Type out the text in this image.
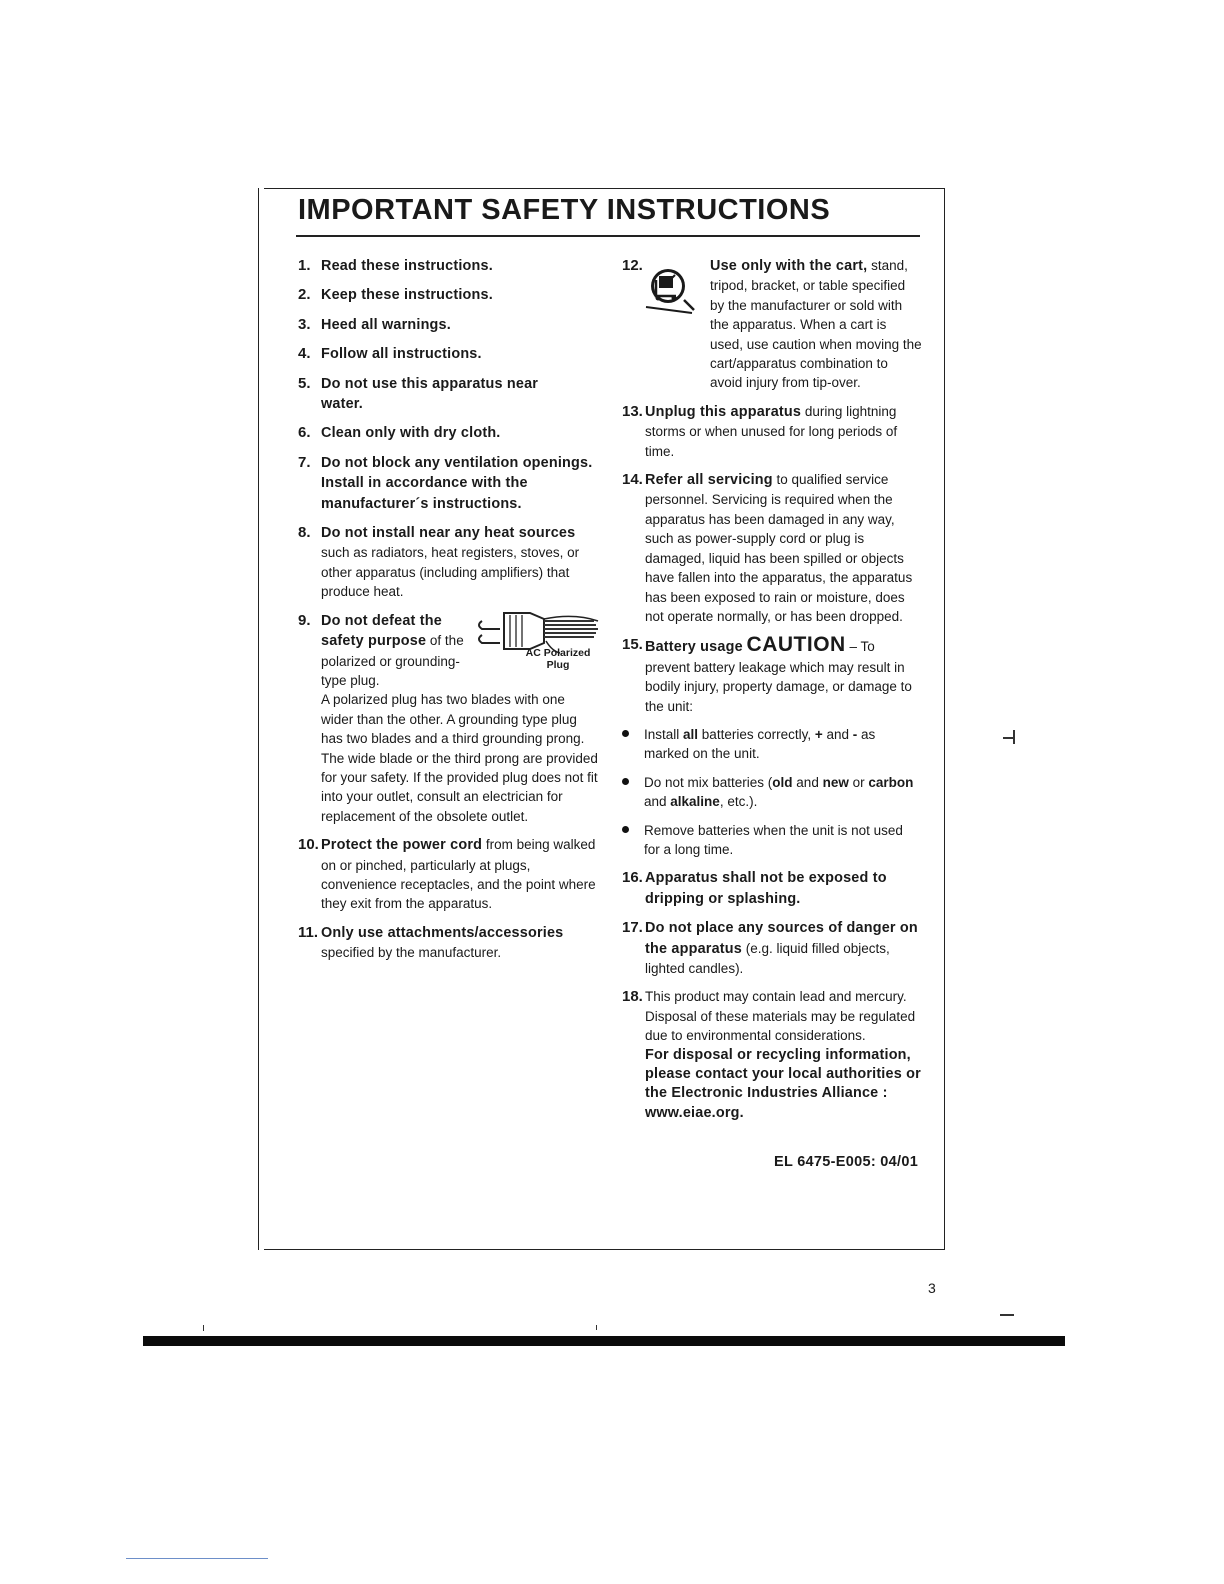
IMPORTANT SAFETY INSTRUCTIONS
1. Read these instructions.
2. Keep these instructions.
3. Heed all warnings.
4. Follow all instructions.
5. Do not use this apparatus near water.
6. Clean only with dry cloth.
7. Do not block any ventilation openings. Install in accordance with the manufacturer´s instructions.
8. Do not install near any heat sources such as radiators, heat registers, stoves, or other apparatus (including amplifiers) that produce heat.
9. Do not defeat the safety purpose of the polarized or grounding-type plug.
AC Polarized Plug
A polarized plug has two blades with one wider than the other. A grounding type plug has two blades and a third grounding prong. The wide blade or the third prong are provided for your safety. If the provided plug does not fit into your outlet, consult an electrician for replacement of the obsolete outlet.
10. Protect the power cord from being walked on or pinched, particularly at plugs, convenience receptacles, and the point where they exit from the apparatus.
11. Only use attachments/accessories specified by the manufacturer.
12.	Use only with the cart, stand, tripod, bracket, or table specified by the manufacturer or sold with the apparatus. When a cart is used, use caution when moving the cart/apparatus combination to avoid injury from tip-over.
13. Unplug this apparatus during lightning storms or when unused for long periods of time.
14. Refer all servicing to qualified service personnel. Servicing is required when the apparatus has been damaged in any way, such as power-supply cord or plug is damaged, liquid has been spilled or objects have fallen into the apparatus, the apparatus has been exposed to rain or moisture, does not operate normally, or has been dropped.
15. Battery usage CAUTION – To prevent battery leakage which may result in bodily injury, property damage, or damage to the unit:
Install all batteries correctly, + and - as marked on the unit.
Do not mix batteries (old and new or carbon and alkaline, etc.).
Remove batteries when the unit is not used for a long time.
16. Apparatus shall not be exposed to dripping or splashing.
17. Do not place any sources of danger on the apparatus (e.g. liquid filled objects, lighted candles).
18. This product may contain lead and mercury. Disposal of these materials may be regulated due to environmental considerations.
For disposal or recycling information, please contact your local authorities or the Electronic Industries Alliance : www.eiae.org.
EL 6475-E005: 04/01
3
